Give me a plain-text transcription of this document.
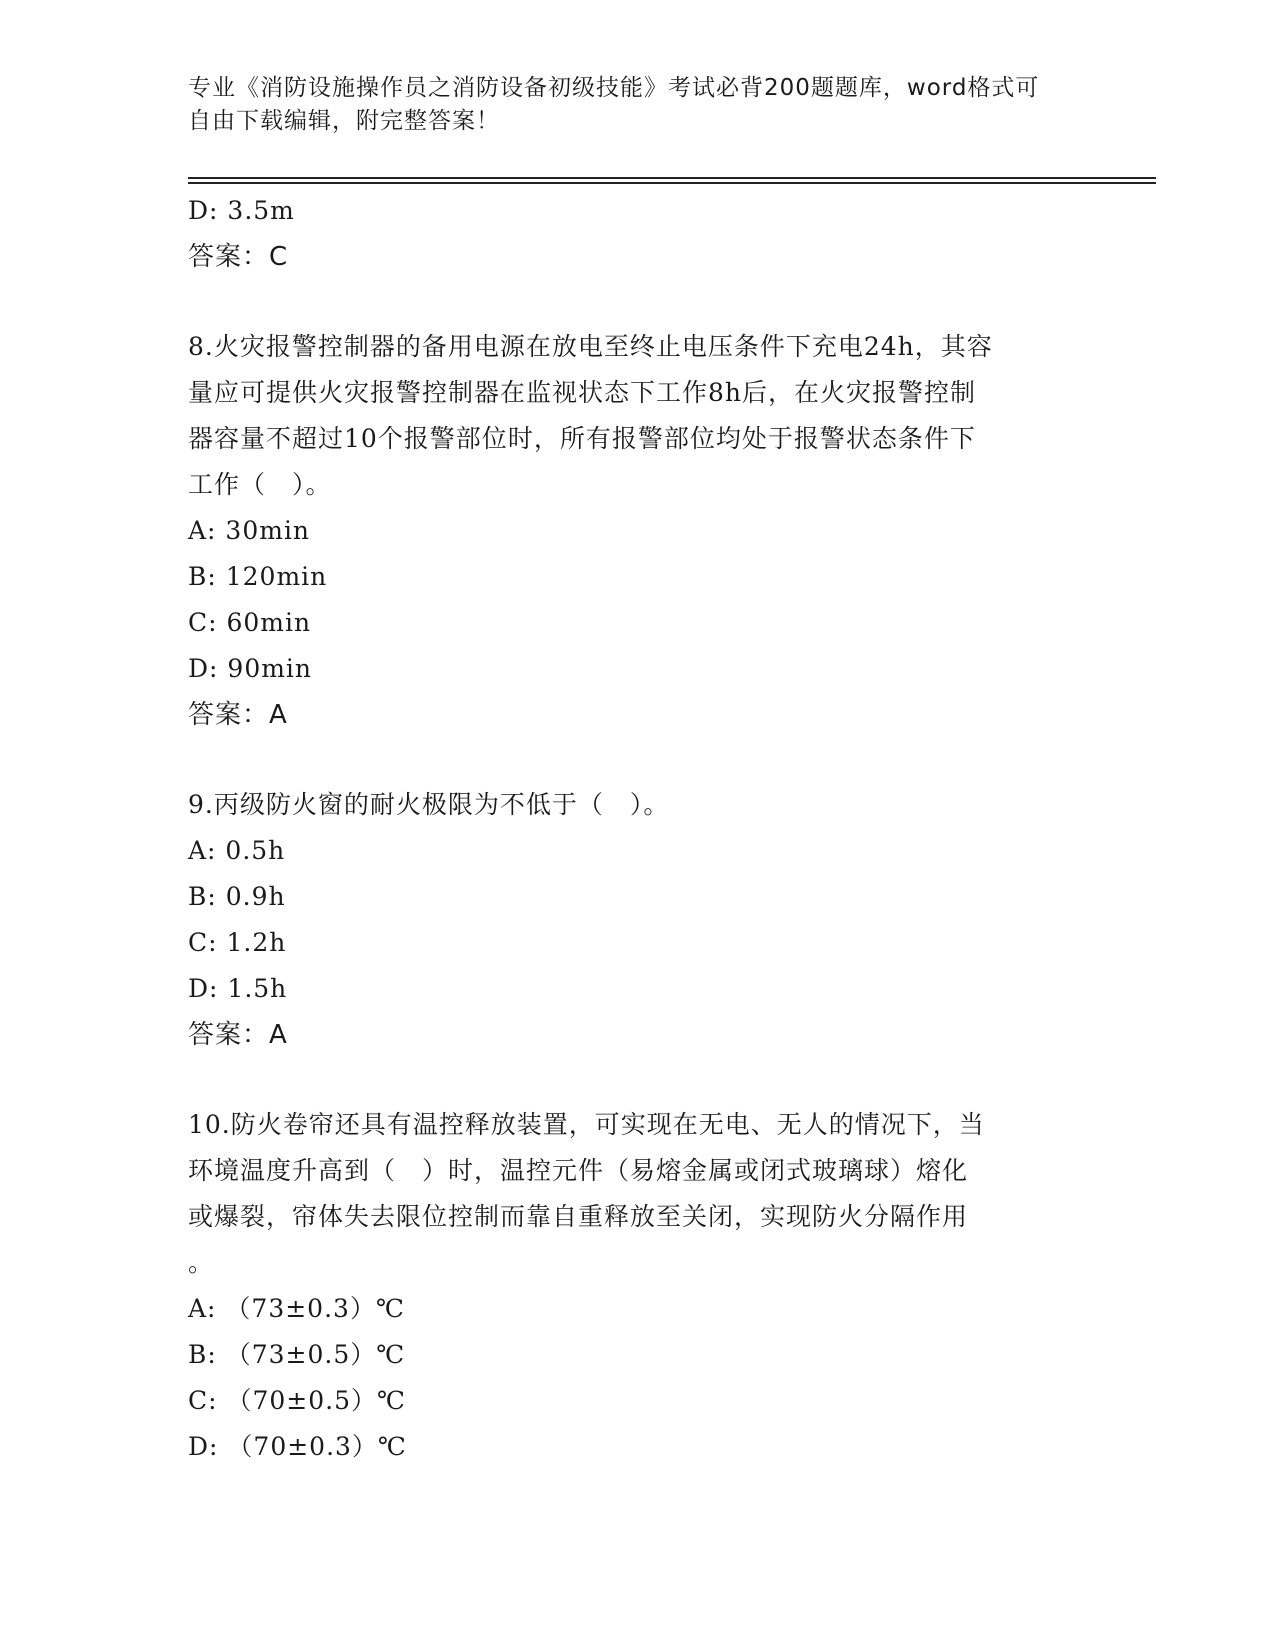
专业《消防设施操作员之消防设备初级技能》考试必背200题题库，word格式可
自由下载编辑，附完整答案！
D: 3.5m
答案：C
8.火灾报警控制器的备用电源在放电至终止电压条件下充电24h，其容
量应可提供火灾报警控制器在监视状态下工作8h后，在火灾报警控制
器容量不超过10个报警部位时，所有报警部位均处于报警状态条件下
工作（　）。
A: 30min
B: 120min
C: 60min
D: 90min
答案：A
9.丙级防火窗的耐火极限为不低于（　）。
A: 0.5h
B: 0.9h
C: 1.2h
D: 1.5h
答案：A
10.防火卷帘还具有温控释放装置，可实现在无电、无人的情况下，当
环境温度升高到（　）时，温控元件（易熔金属或闭式玻璃球）熔化
或爆裂，帘体失去限位控制而靠自重释放至关闭，实现防火分隔作用
。
A: （73±0.3）℃
B: （73±0.5）℃
C: （70±0.5）℃
D: （70±0.3）℃
